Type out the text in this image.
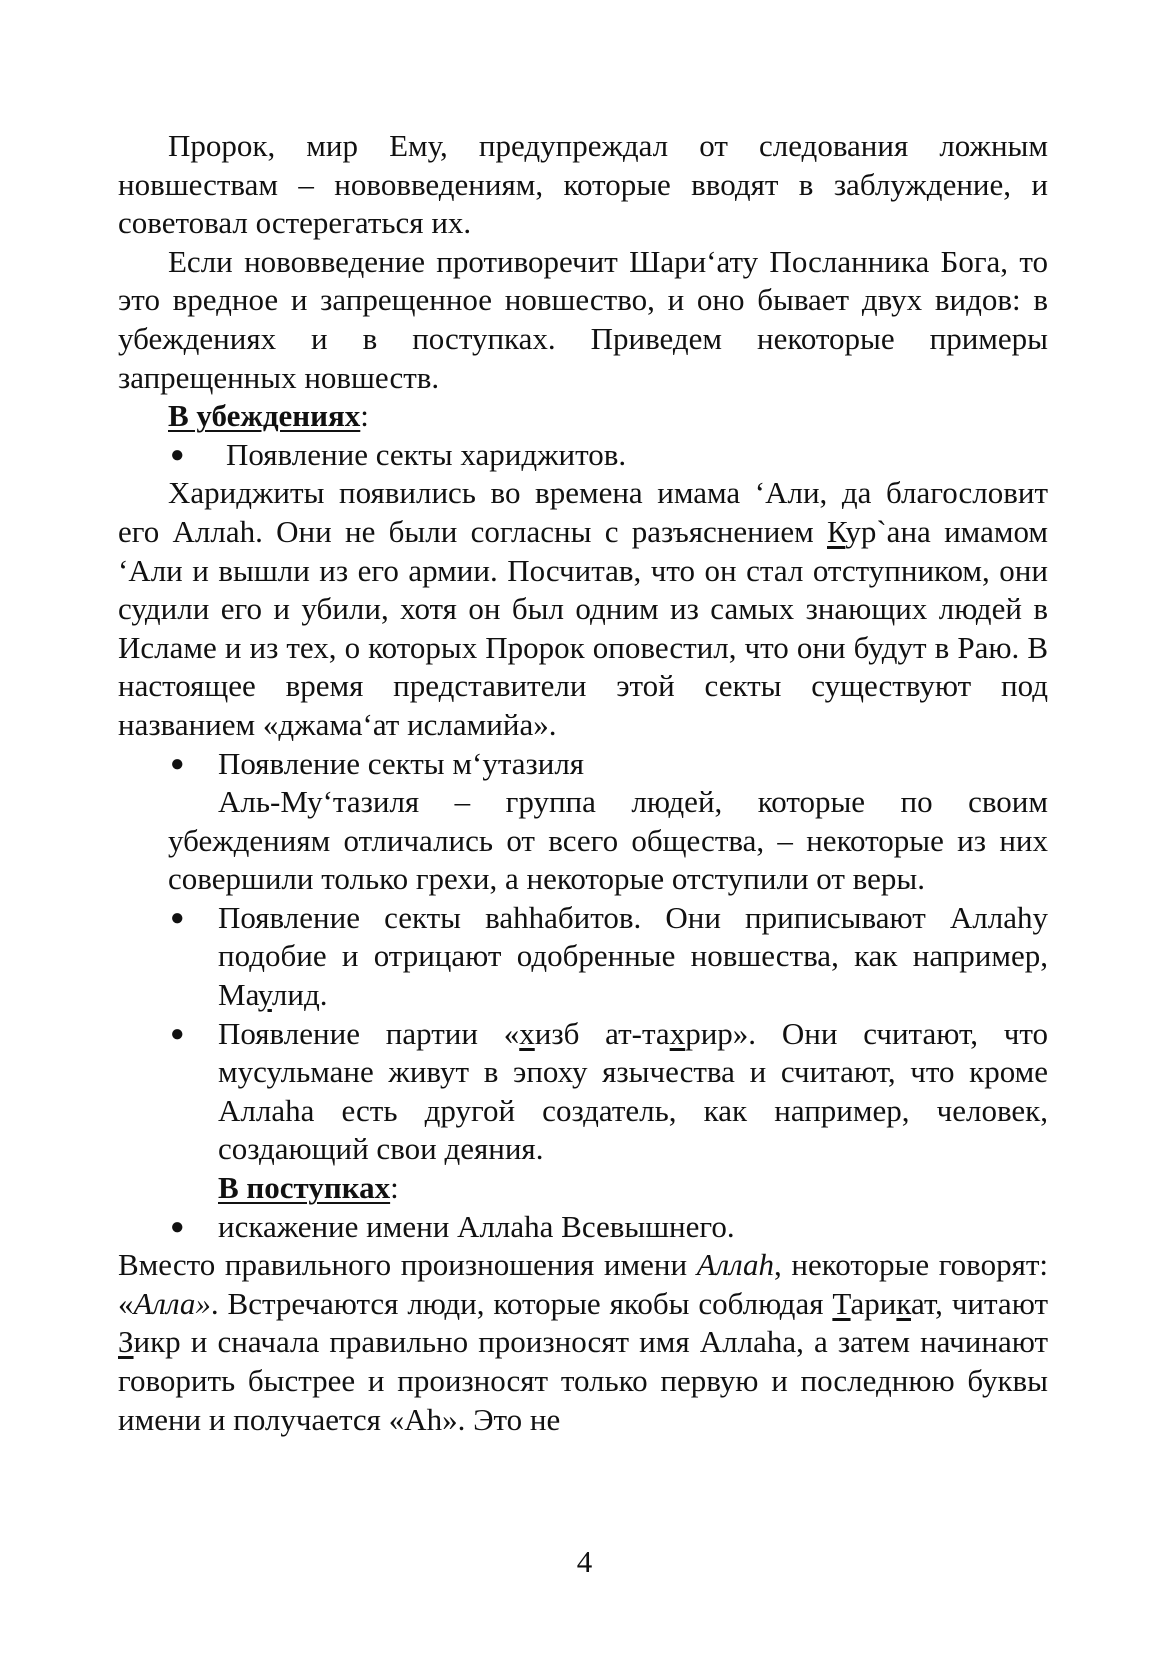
Пророк, мир Ему, предупреждал от следования ложным новшествам – нововведениям, которые вводят в заблуждение, и советовал остерегаться их.

Если нововведение противоречит Шари‘ату Посланника Бога, то это вредное и запрещенное новшество, и оно бывает двух видов: в убеждениях и в поступках. Приведем некоторые примеры запрещенных новшеств.

В убеждениях:

●	Появление секты хариджитов.

Хариджиты появились во времена имама ‘Али, да благословит его Аллаһ. Они не были согласны с разъяснением Кур`ана имамом ‘Али и вышли из его армии. Посчитав, что он стал отступником, они судили его и убили, хотя он был одним из самых знающих людей в Исламе и из тех, о которых Пророк оповестил, что они будут в Раю. В настоящее время представители этой секты существуют под названием «джама‘ат исламийа».

●	Появление секты м‘утазиля

Аль-Му‘тазиля – группа людей, которые по своим убеждениям отличались от всего общества, – некоторые из них совершили только грехи, а некоторые отступили от веры.

●	Появление секты ваһһабитов. Они приписывают Аллаһу подобие и отрицают одобренные новшества, как например, Маулид.
●	Появление партии «хизб ат-тахрир». Они считают, что мусульмане живут в эпоху язычества и считают, что кроме Аллаһа есть другой создатель, как например, человек, создающий свои деяния.

В поступках:

●	искажение имени Аллаһа Всевышнего.

Вместо правильного произношения имени Аллаһ, некоторые говорят: «Алла». Встречаются люди, которые якобы соблюдая Тарикат, читают Зикр и сначала правильно произносят имя Аллаһа, а затем начинают говорить быстрее и произносят только первую и последнюю буквы имени и получается «Аһ». Это не

4
